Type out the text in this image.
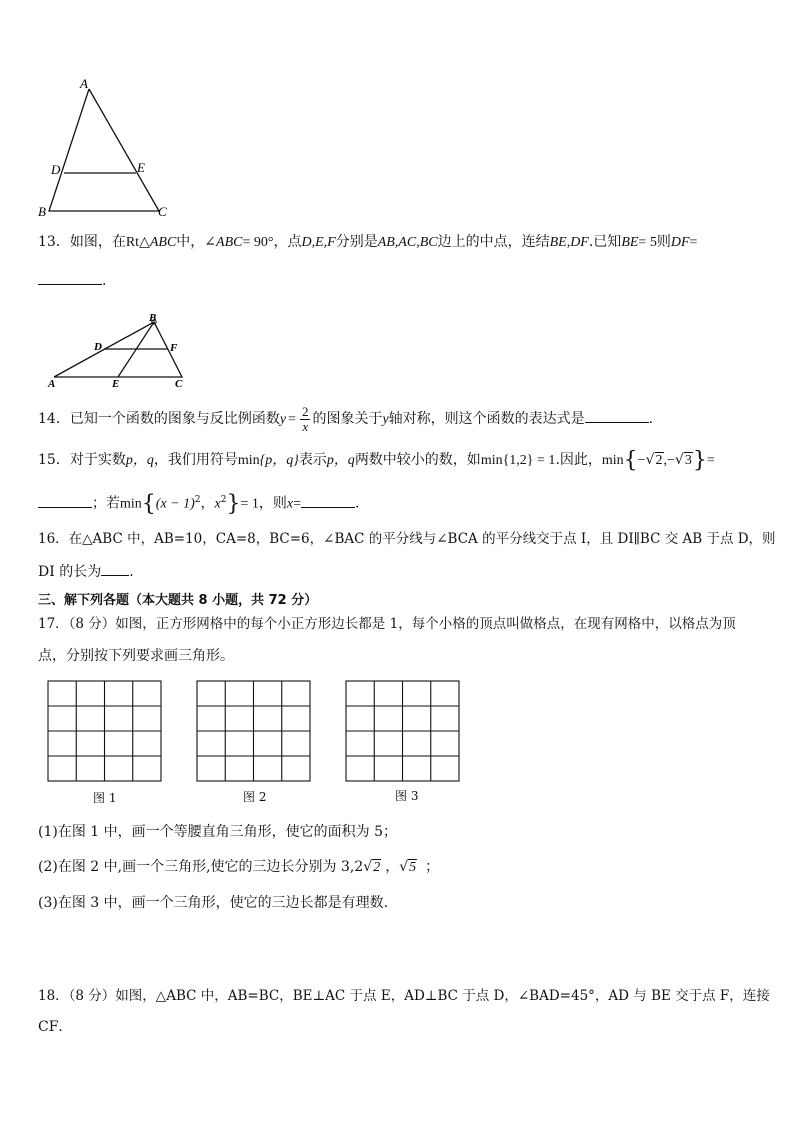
A
D	E
B	C
13．如图，在Rt△ABC中，∠ABC= 90°，点D,E,F分别是AB,AC,BC边上的中点，连结BE,DF.已知BE= 5则DF=
.
B
D	F
A	E	C
14．已知一个函数的图象与反比例函数$y = \frac{2}{x}$ 的图象关于y轴对称，则这个函数的表达式是	.
15．对于实数p，q，我们用符号min{p，q}表示p，q两数中较小的数，如min{1,2} = 1.因此，min{−√2,−√3}=
；若$\min\{(x - 1)^2$，$x^2\}= 1$，则x=	.
16．在△ABC 中，AB=10，CA=8，BC=6，∠BAC 的平分线与∠BCA 的平分线交于点 I，且 DI∥BC 交 AB 于点 D，则
DI 的长为 .
三、解下列各题（本大题共 8 小题，共 72 分）
17．（8 分）如图，正方形网格中的每个小正方形边长都是 1，每个小格的顶点叫做格点，在现有网格中，以格点为顶
点，分别按下列要求画三角形。
图 1	图 2	图 3
(1)在图 1 中，画一个等腰直角三角形，使它的面积为 5；
(2)在图 2 中,画一个三角形,使它的三边长分别为 3,2√2 ，√5 ；
(3)在图 3 中，画一个三角形，使它的三边长都是有理数.
18．（8 分）如图，△ABC 中，AB=BC，BE⊥AC 于点 E，AD⊥BC 于点 D，∠BAD=45°，AD 与 BE 交于点 F，连接
CF．
